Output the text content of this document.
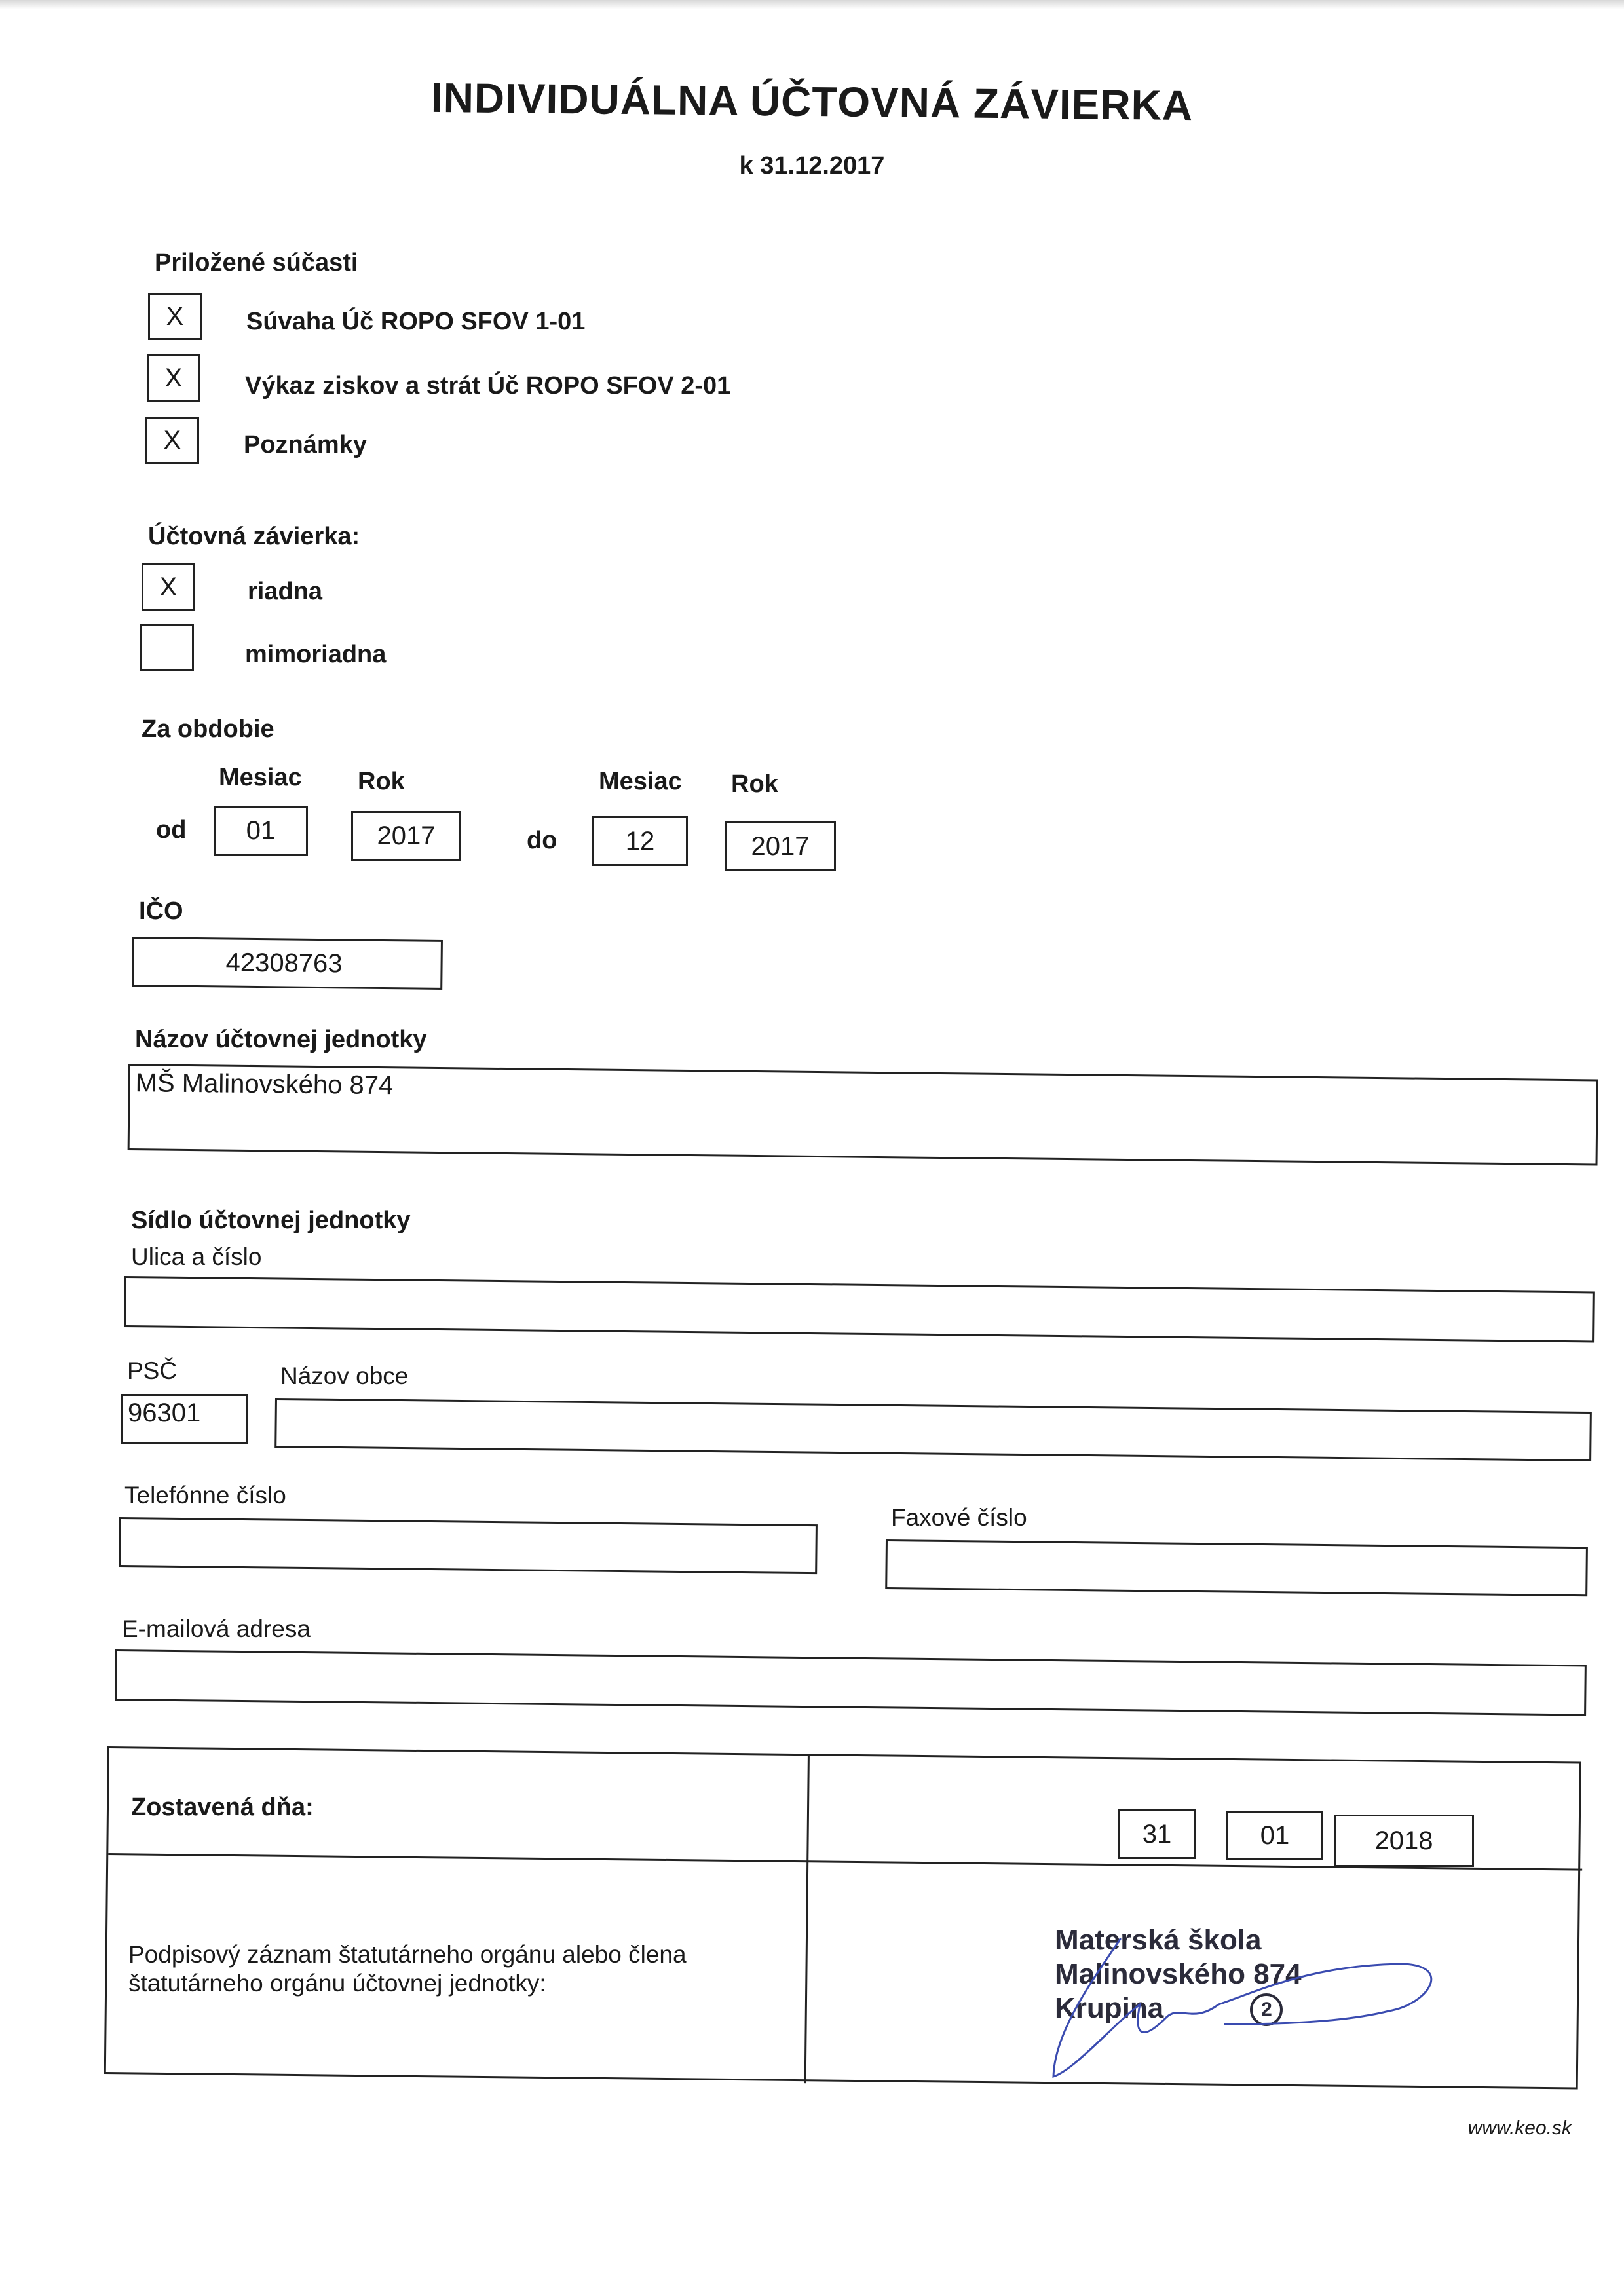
INDIVIDUÁLNA ÚČTOVNÁ ZÁVIERKA
k 31.12.2017
Priložené súčasti
X	Súvaha Úč ROPO SFOV 1-01
X	Výkaz ziskov a strát Úč ROPO SFOV 2-01
X	Poznámky
Účtovná závierka:
X	riadna
mimoriadna
Za obdobie
Mesiac Rok	Mesiac Rok
od	01	2017	do	12	2017
IČO
42308763
Názov účtovnej jednotky
MŠ Malinovského 874
Sídlo účtovnej jednotky
Ulica a číslo
PSČ	Názov obce
96301
Telefónne číslo
Faxové číslo
E-mailová adresa
Zostavená dňa:
31	01	2018
Podpisový záznam štatutárneho orgánu alebo člena
štatutárneho orgánu účtovnej jednotky:
Materská škola
Malinovského 874
Krupina	2
www.keo.sk
